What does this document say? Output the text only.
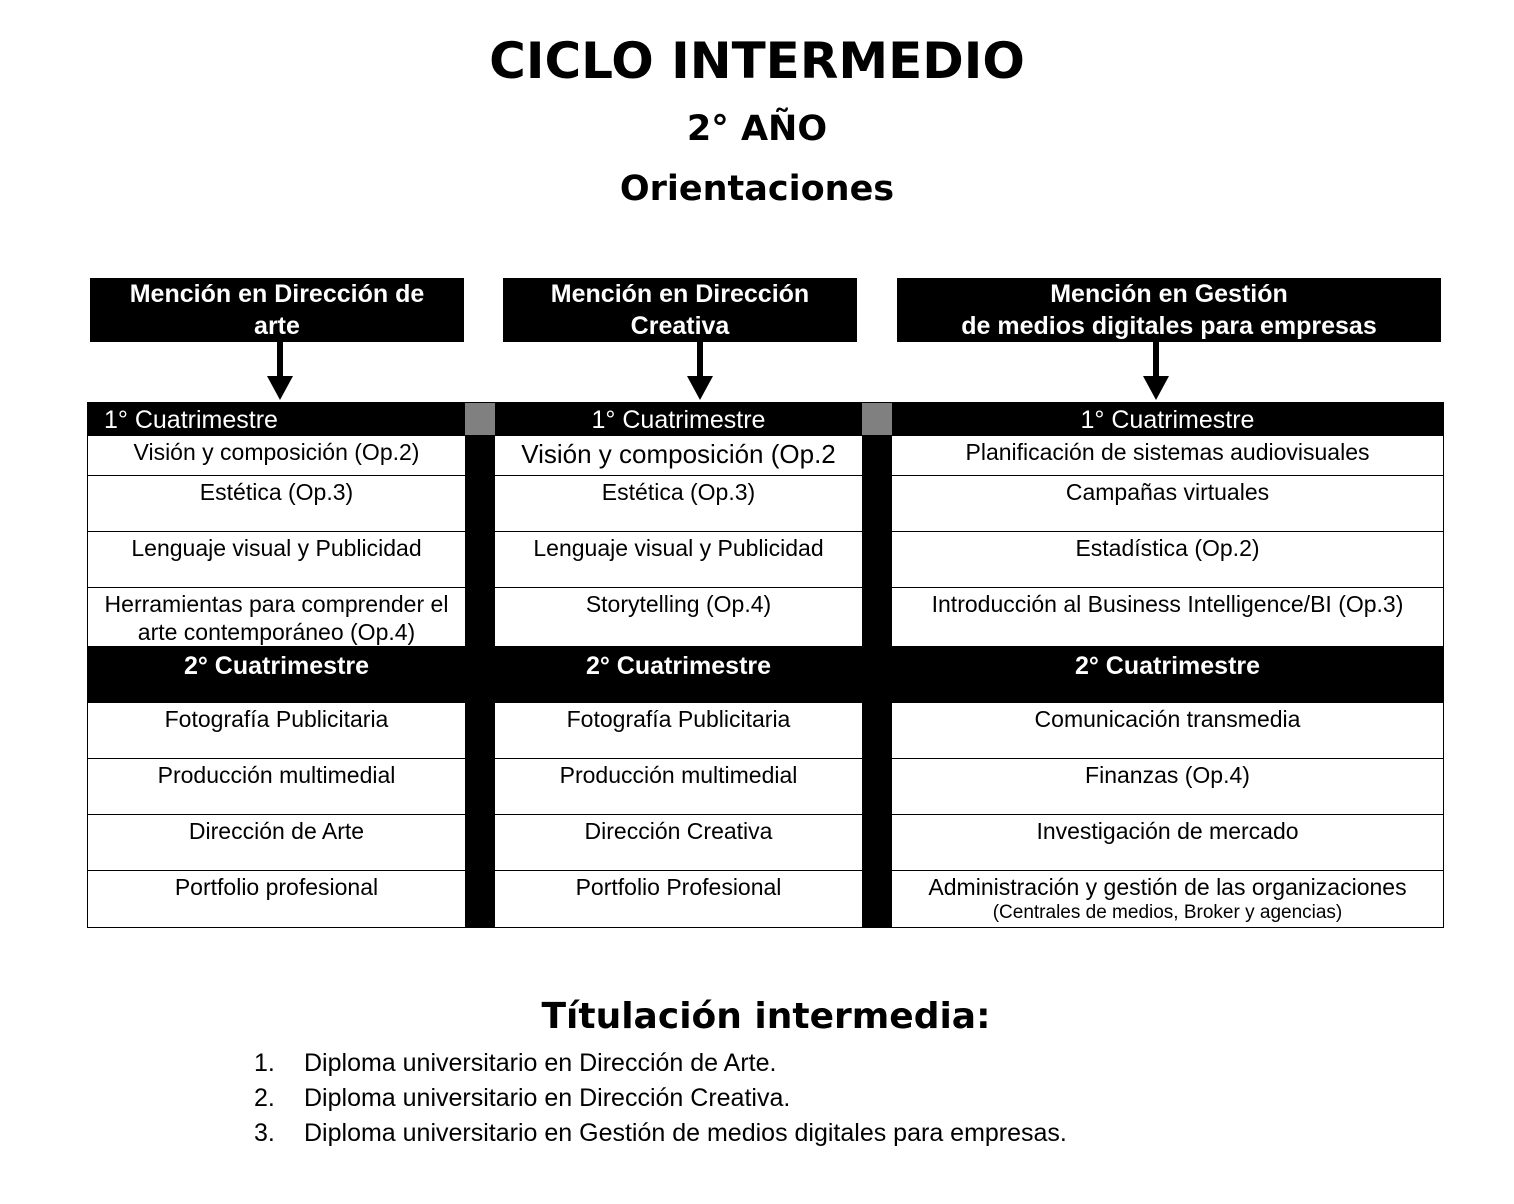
CICLO INTERMEDIO
2° AÑO
Orientaciones
Mención en Dirección de
arte
Mención en Dirección
Creativa
Mención en Gestión
de medios digitales para empresas
1° Cuatrimestre
Visión y composición (Op.2)
Estética (Op.3)
Lenguaje visual y Publicidad
Herramientas para comprender el arte contemporáneo (Op.4)
2° Cuatrimestre
Fotografía Publicitaria
Producción multimedial
Dirección de Arte
Portfolio profesional
1° Cuatrimestre
Visión y composición (Op.2
Estética (Op.3)
Lenguaje visual y Publicidad
Storytelling (Op.4)
2° Cuatrimestre
Fotografía Publicitaria
Producción multimedial
Dirección Creativa
Portfolio Profesional
1° Cuatrimestre
Planificación de sistemas audiovisuales
Campañas virtuales
Estadística (Op.2)
Introducción al Business Intelligence/BI (Op.3)
2° Cuatrimestre
Comunicación transmedia
Finanzas (Op.4)
Investigación de mercado
Administración y gestión de las organizaciones
(Centrales de medios, Broker y agencias)
Títulación intermedia:
1. Diploma universitario en Dirección de Arte.
2. Diploma universitario en Dirección Creativa.
3. Diploma universitario en Gestión de medios digitales para empresas.
